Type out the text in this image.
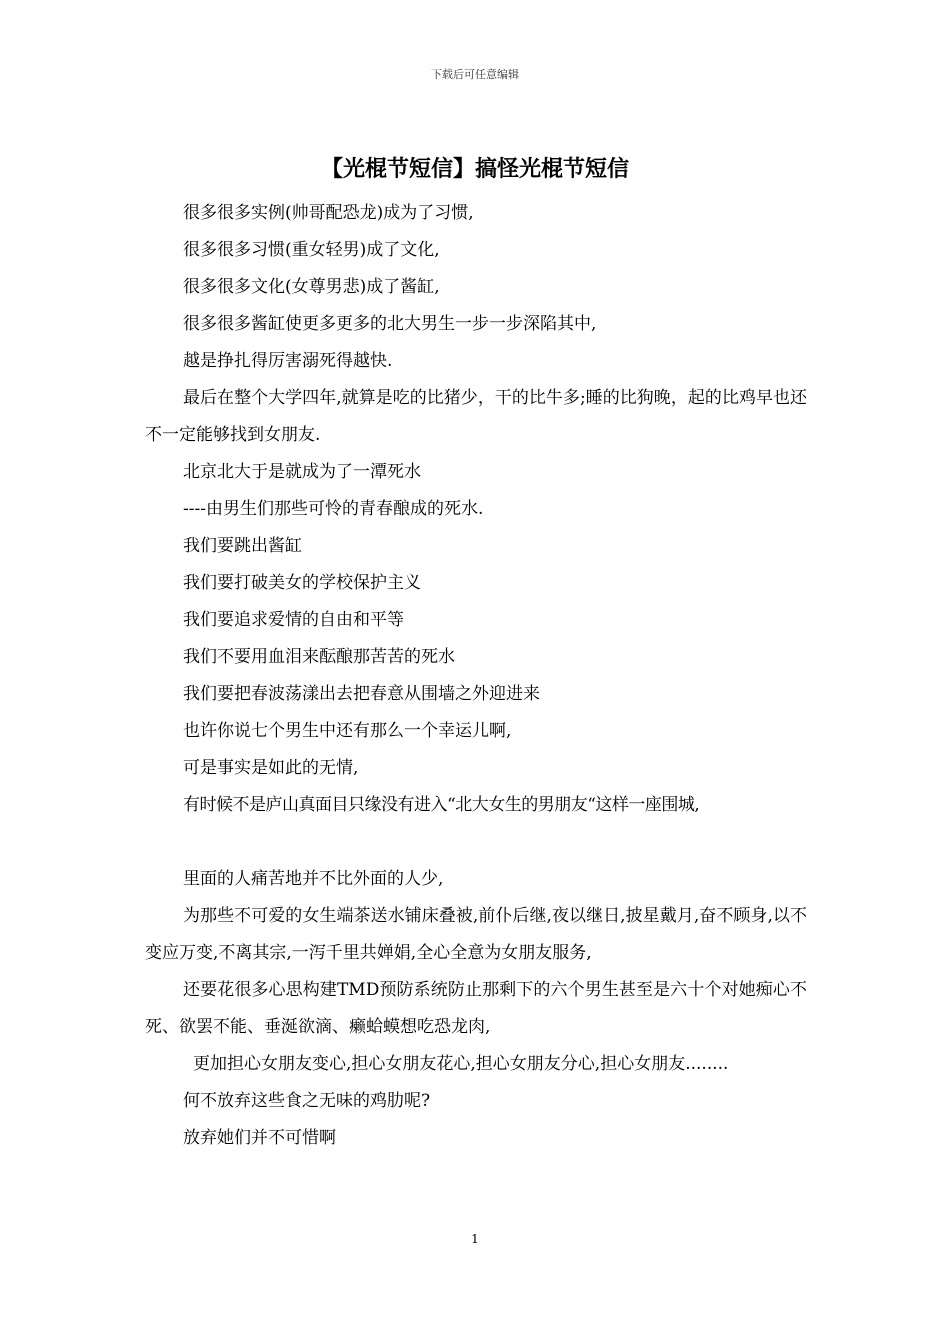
下载后可任意编辑
【光棍节短信】搞怪光棍节短信

很多很多实例(帅哥配恐龙)成为了习惯,

很多很多习惯(重女轻男)成了文化,

很多很多文化(女尊男悲)成了酱缸,

很多很多酱缸使更多更多的北大男生一步一步深陷其中,

越是挣扎得厉害溺死得越快.

最后在整个大学四年,就算是吃的比猪少，干的比牛多;睡的比狗晚，起的比鸡早也还不一定能够找到女朋友.

北京北大于是就成为了一潭死水

----由男生们那些可怜的青春酿成的死水.

我们要跳出酱缸

我们要打破美女的学校保护主义

我们要追求爱情的自由和平等

我们不要用血泪来酝酿那苦苦的死水

我们要把春波荡漾出去把春意从围墙之外迎进来

也许你说七个男生中还有那么一个幸运儿啊,

可是事实是如此的无情,

有时候不是庐山真面目只缘没有进入“北大女生的男朋友“这样一座围城,

里面的人痛苦地并不比外面的人少,

为那些不可爱的女生端茶送水铺床叠被,前仆后继,夜以继日,披星戴月,奋不顾身,以不变应万变,不离其宗,一泻千里共婵娟,全心全意为女朋友服务,

还要花很多心思构建TMD预防系统防止那剩下的六个男生甚至是六十个对她痴心不死、欲罢不能、垂涎欲滴、癞蛤蟆想吃恐龙肉,

更加担心女朋友变心,担心女朋友花心,担心女朋友分心,担心女朋友........

何不放弃这些食之无味的鸡肋呢?

放弃她们并不可惜啊

1
